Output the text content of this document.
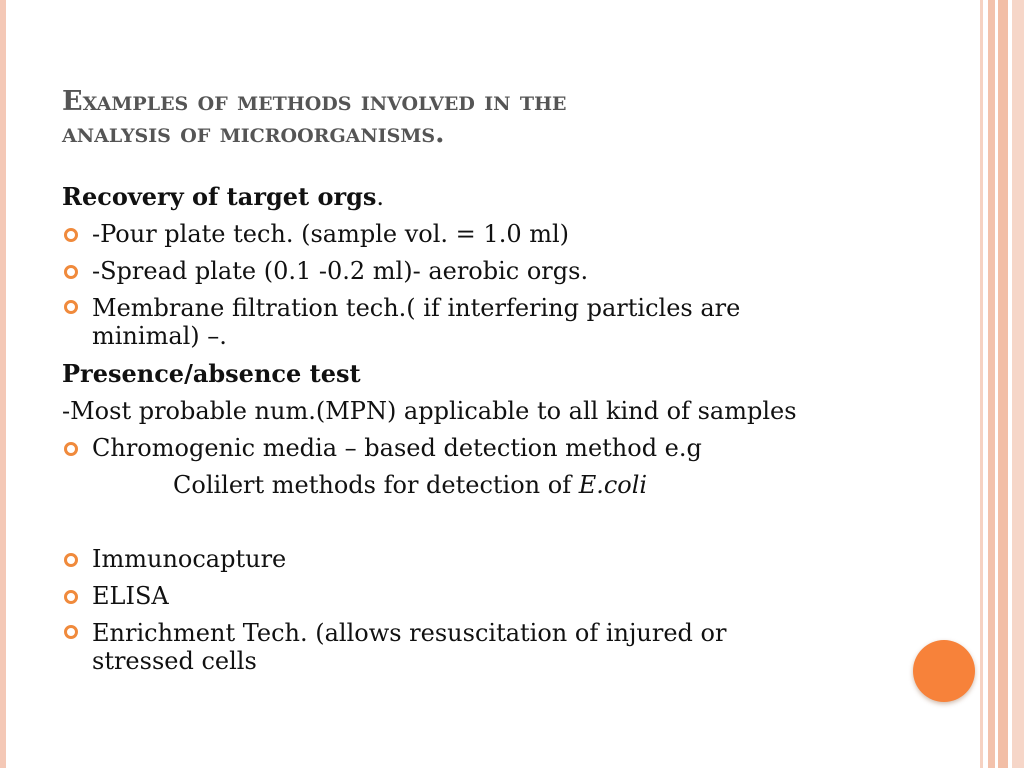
Examples of methods involved in the
analysis of microorganisms.

Recovery of target orgs.

-Pour plate tech. (sample vol. = 1.0 ml)

-Spread plate (0.1 -0.2 ml)- aerobic orgs.

Membrane filtration tech.( if interfering particles are
minimal) –.

Presence/absence test

-Most probable num.(MPN) applicable to all kind of samples

Chromogenic media – based detection method e.g

Colilert methods for detection of E.coli

Immunocapture

ELISA

Enrichment Tech. (allows resuscitation of injured or
stressed cells
